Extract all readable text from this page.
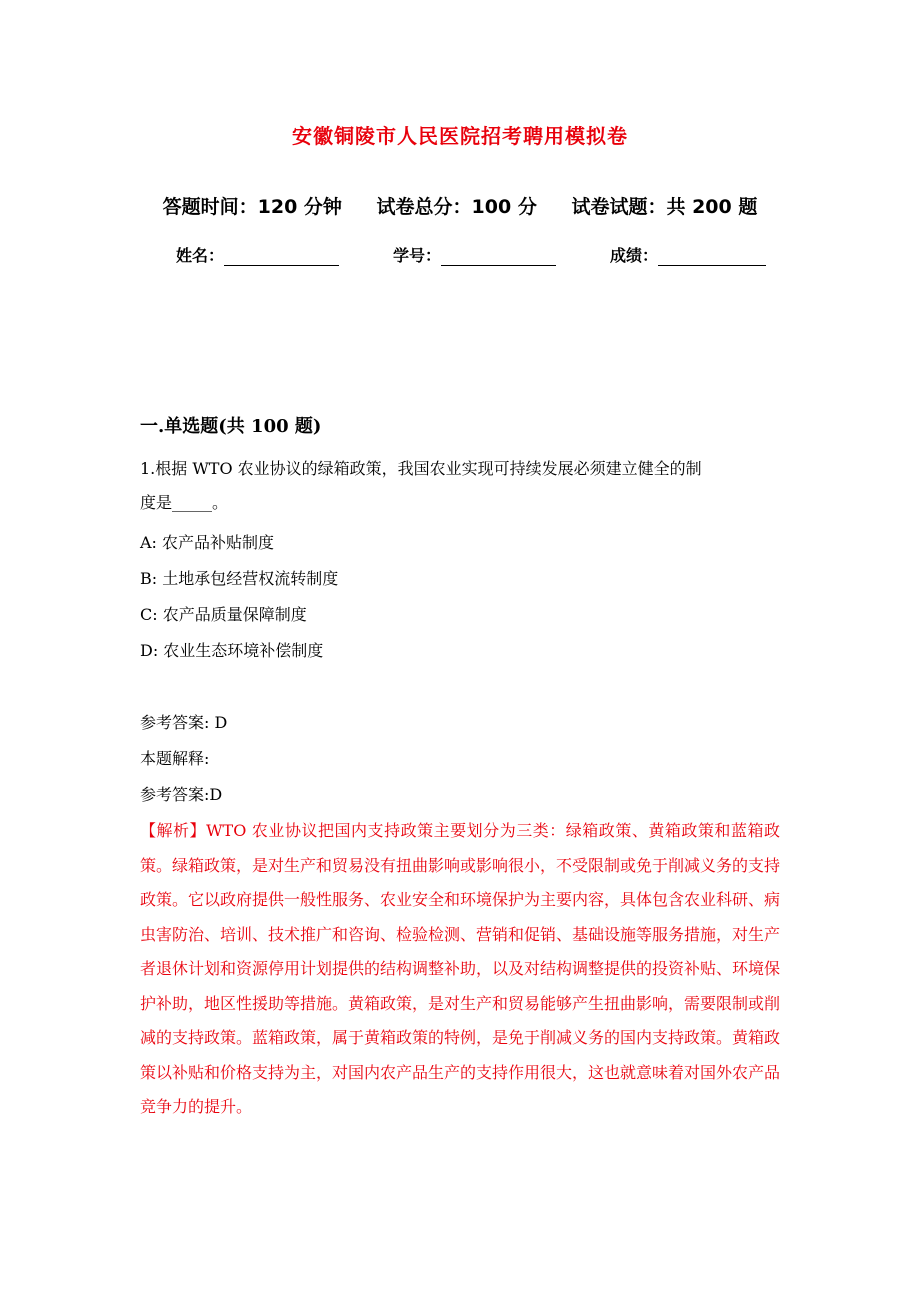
安徽铜陵市人民医院招考聘用模拟卷
答题时间：120 分钟 试卷总分：100 分 试卷试题：共 200 题
姓名：	学号：	成绩：
一.单选题(共 100 题)
1.根据 WTO 农业协议的绿箱政策，我国农业实现可持续发展必须建立健全的制
度是_____。
A: 农产品补贴制度
B: 土地承包经营权流转制度
C: 农产品质量保障制度
D: 农业生态环境补偿制度
参考答案: D
本题解释:
参考答案:D

【解析】WTO 农业协议把国内支持政策主要划分为三类：绿箱政策、黄箱政策和蓝箱政策。绿箱政策，是对生产和贸易没有扭曲影响或影响很小，不受限制或免于削减义务的支持政策。它以政府提供一般性服务、农业安全和环境保护为主要内容，具体包含农业科研、病虫害防治、培训、技术推广和咨询、检验检测、营销和促销、基础设施等服务措施，对生产者退休计划和资源停用计划提供的结构调整补助，以及对结构调整提供的投资补贴、环境保护补助，地区性援助等措施。黄箱政策，是对生产和贸易能够产生扭曲影响，需要限制或削减的支持政策。蓝箱政策，属于黄箱政策的特例，是免于削减义务的国内支持政策。黄箱政策以补贴和价格支持为主，对国内农产品生产的支持作用很大，这也就意味着对国外农产品竞争力的提升。
